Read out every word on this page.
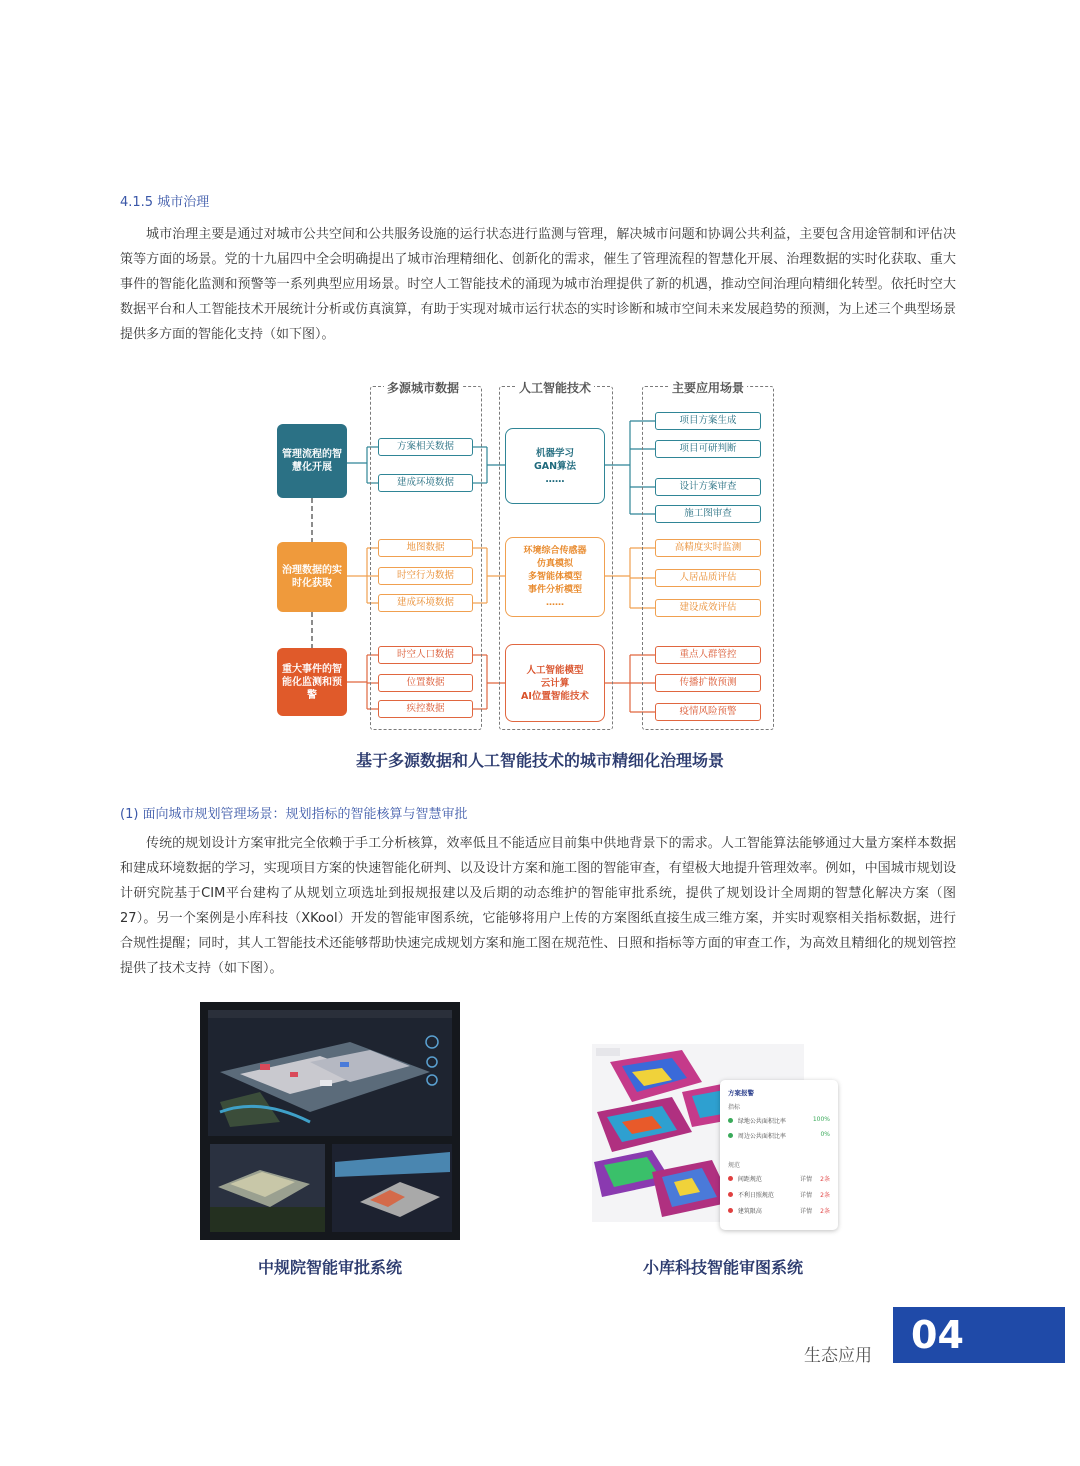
4.1.5 城市治理

城市治理主要是通过对城市公共空间和公共服务设施的运行状态进行监测与管理，解决城市问题和协调公共利益，主要包含用途管制和评估决策等方面的场景。党的十九届四中全会明确提出了城市治理精细化、创新化的需求，催生了管理流程的智慧化开展、治理数据的实时化获取、重大事件的智能化监测和预警等一系列典型应用场景。时空人工智能技术的涌现为城市治理提供了新的机遇，推动空间治理向精细化转型。依托时空大数据平台和人工智能技术开展统计分析或仿真演算，有助于实现对城市运行状态的实时诊断和城市空间未来发展趋势的预测，为上述三个典型场景提供多方面的智能化支持（如下图）。

多源城市数据	人工智能技术	主要应用场景
管理流程的智慧化开展
治理数据的实时化获取
重大事件的智能化监测和预警
方案相关数据
建成环境数据
地图数据
时空行为数据
建成环境数据
时空人口数据
位置数据
疾控数据
机器学习
GAN算法
……
环境综合传感器
仿真模拟
多智能体模型
事件分析模型
……
人工智能模型
云计算
AI位置智能技术
项目方案生成
项目可研判断
设计方案审查
施工图审查
高精度实时监测
人居品质评估
建设成效评估
重点人群管控
传播扩散预测
疫情风险预警
基于多源数据和人工智能技术的城市精细化治理场景
(1) 面向城市规划管理场景：规划指标的智能核算与智慧审批

传统的规划设计方案审批完全依赖于手工分析核算，效率低且不能适应目前集中供地背景下的需求。人工智能算法能够通过大量方案样本数据和建成环境数据的学习，实现项目方案的快速智能化研判、以及设计方案和施工图的智能审查，有望极大地提升管理效率。例如，中国城市规划设计研究院基于CIM平台建构了从规划立项选址到报规报建以及后期的动态维护的智能审批系统，提供了规划设计全周期的智慧化解决方案（图27）。另一个案例是小库科技（XKool）开发的智能审图系统，它能够将用户上传的方案图纸直接生成三维方案，并实时观察相关指标数据，进行合规性提醒；同时，其人工智能技术还能够帮助快速完成规划方案和施工图在规范性、日照和指标等方面的审查工作，为高效且精细化的规划管控提供了技术支持（如下图）。

方案报警
指标
绿地公共面积比率	100%
周边公共面积比率	0%
规范
间距规范	详情 2条
不利日照规范	详情 2条
建筑限高	详情 2条
中规院智能审批系统	小库科技智能审图系统
生态应用	04
